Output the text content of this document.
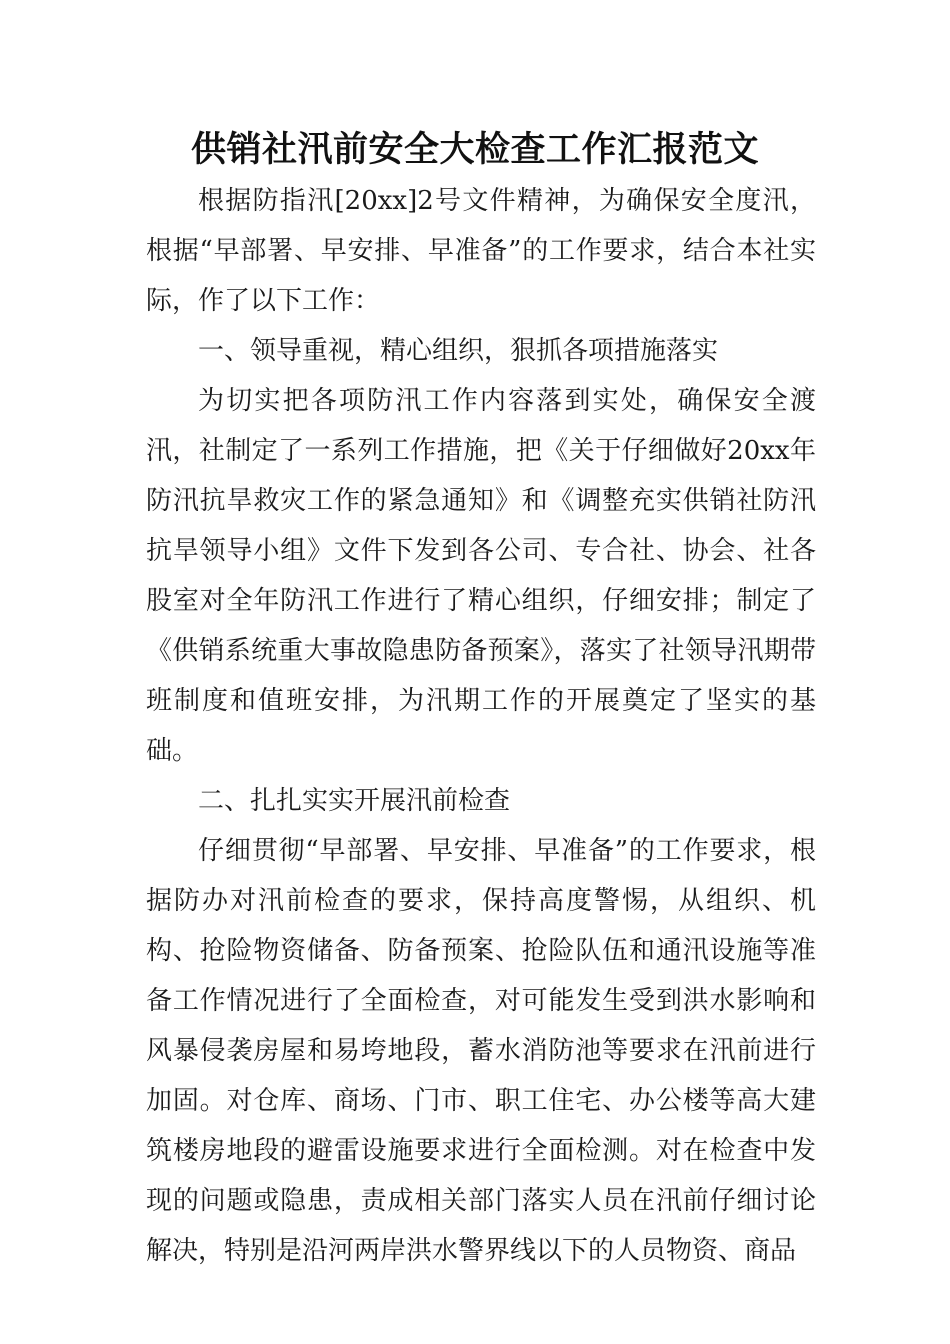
供销社汛前安全大检查工作汇报范文

根据防指汛[20xx]2号文件精神，为确保安全度汛，根据“早部署、早安排、早准备”的工作要求，结合本社实际，作了以下工作：

一、领导重视，精心组织，狠抓各项措施落实

为切实把各项防汛工作内容落到实处，确保安全渡汛，社制定了一系列工作措施，把《关于仔细做好20xx年防汛抗旱救灾工作的紧急通知》和《调整充实供销社防汛抗旱领导小组》文件下发到各公司、专合社、协会、社各股室对全年防汛工作进行了精心组织，仔细安排；制定了《供销系统重大事故隐患防备预案》，落实了社领导汛期带班制度和值班安排，为汛期工作的开展奠定了坚实的基础。

二、扎扎实实开展汛前检查

仔细贯彻“早部署、早安排、早准备”的工作要求，根据防办对汛前检查的要求，保持高度警惕，从组织、机构、抢险物资储备、防备预案、抢险队伍和通汛设施等准备工作情况进行了全面检查，对可能发生受到洪水影响和风暴侵袭房屋和易垮地段，蓄水消防池等要求在汛前进行加固。对仓库、商场、门市、职工住宅、办公楼等高大建筑楼房地段的避雷设施要求进行全面检测。对在检查中发现的问题或隐患，责成相关部门落实人员在汛前仔细讨论解决，特别是沿河两岸洪水警界线以下的人员物资、商品
